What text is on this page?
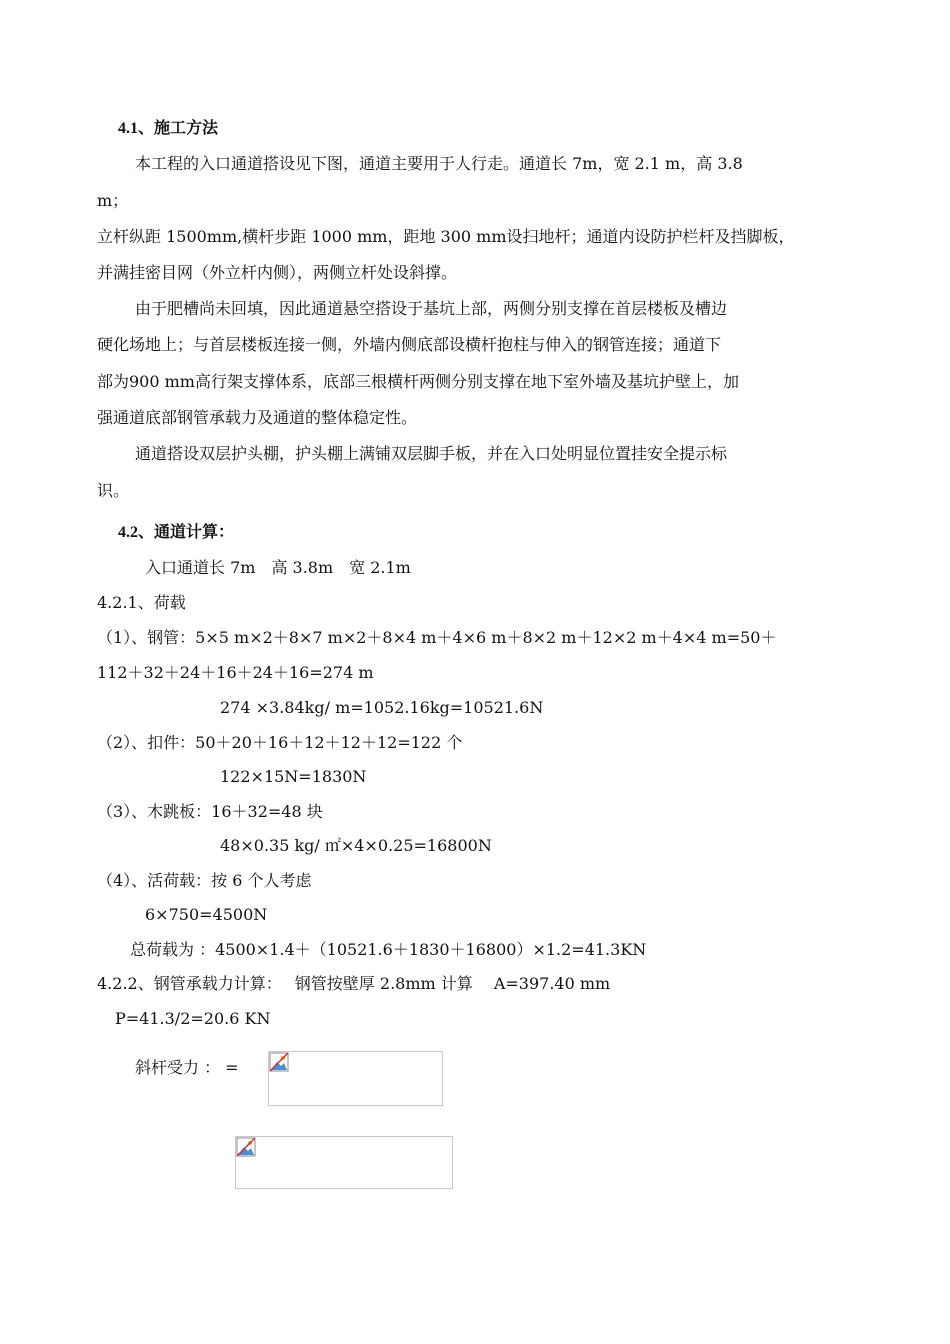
4.1、施工方法
本工程的入口通道搭设见下图，通道主要用于人行走。通道长 7m，宽 2.1 m，高 3.8
m；
立杆纵距 1500mm,横杆步距 1000 mm，距地 300 mm设扫地杆；通道内设防护栏杆及挡脚板，
并满挂密目网（外立杆内侧），两侧立杆处设斜撑。
由于肥槽尚未回填，因此通道悬空搭设于基坑上部，两侧分别支撑在首层楼板及槽边
硬化场地上；与首层楼板连接一侧，外墙内侧底部设横杆抱柱与伸入的钢管连接；通道下
部为900 mm高行架支撑体系，底部三根横杆两侧分别支撑在地下室外墙及基坑护壁上，加
强通道底部钢管承载力及通道的整体稳定性。
通道搭设双层护头棚，护头棚上满铺双层脚手板，并在入口处明显位置挂安全提示标
识。
4.2、通道计算：
入口通道长 7m　高 3.8m　宽 2.1m
4.2.1、荷载
（1）、钢管：5×5 m×2＋8×7 m×2＋8×4 m＋4×6 m＋8×2 m＋12×2 m＋4×4 m=50＋
112＋32＋24＋16＋24＋16=274 m
274 ×3.84kg/ m=1052.16kg=10521.6N
（2）、扣件：50＋20＋16＋12＋12＋12=122 个
122×15N=1830N
（3）、木跳板：16＋32=48 块
48×0.35 kg/ ㎡×4×0.25=16800N
（4）、活荷载：按 6 个人考虑
6×750=4500N
总荷载为 ：4500×1.4＋（10521.6＋1830＋16800）×1.2=41.3KN
4.2.2、钢管承载力计算：　 钢管按壁厚 2.8mm 计算　 A=397.40 mm
P=41.3/2=20.6 KN
斜杆受力 ： =
